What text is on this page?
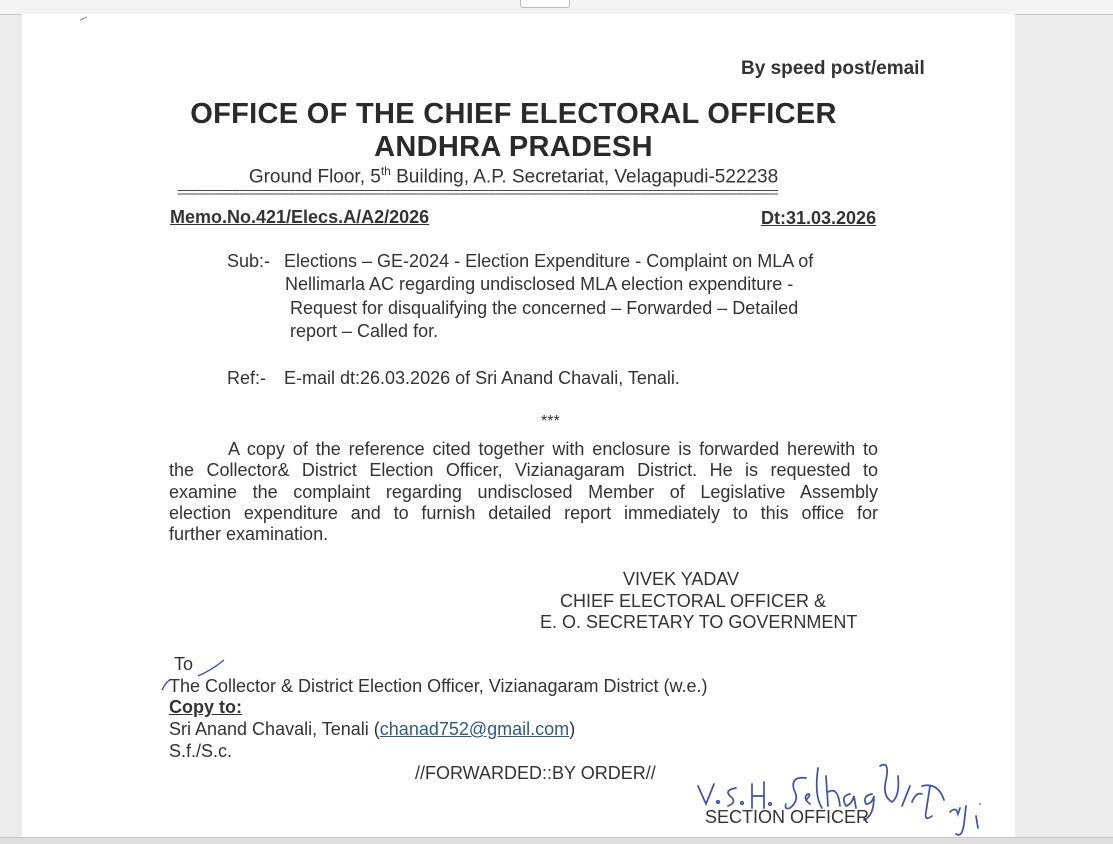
By speed post/email
OFFICE OF THE CHIEF ELECTORAL OFFICER
ANDHRA PRADESH
Ground Floor, 5th Building, A.P. Secretariat, Velagapudi-522238
=======================================================================================
Memo.No.421/Elecs.A/A2/2026	Dt:31.03.2026
Sub:- Elections – GE-2024 - Election Expenditure - Complaint on MLA of
Nellimarla AC regarding undisclosed MLA election expenditure -
Request for disqualifying the concerned – Forwarded – Detailed
report – Called for.
Ref:- E-mail dt:26.03.2026 of Sri Anand Chavali, Tenali.
***
A copy of the reference cited together with enclosure is forwarded herewith to
the Collector& District Election Officer, Vizianagaram District. He is requested to
examine the complaint regarding undisclosed Member of Legislative Assembly
election expenditure and to furnish detailed report immediately to this office for
further examination.
VIVEK YADAV
CHIEF ELECTORAL OFFICER &
E. O. SECRETARY TO GOVERNMENT
To
The Collector & District Election Officer, Vizianagaram District (w.e.)
Copy to:
Sri Anand Chavali, Tenali (chanad752@gmail.com)
S.f./S.c.
//FORWARDED::BY ORDER//
SECTION OFFICER
